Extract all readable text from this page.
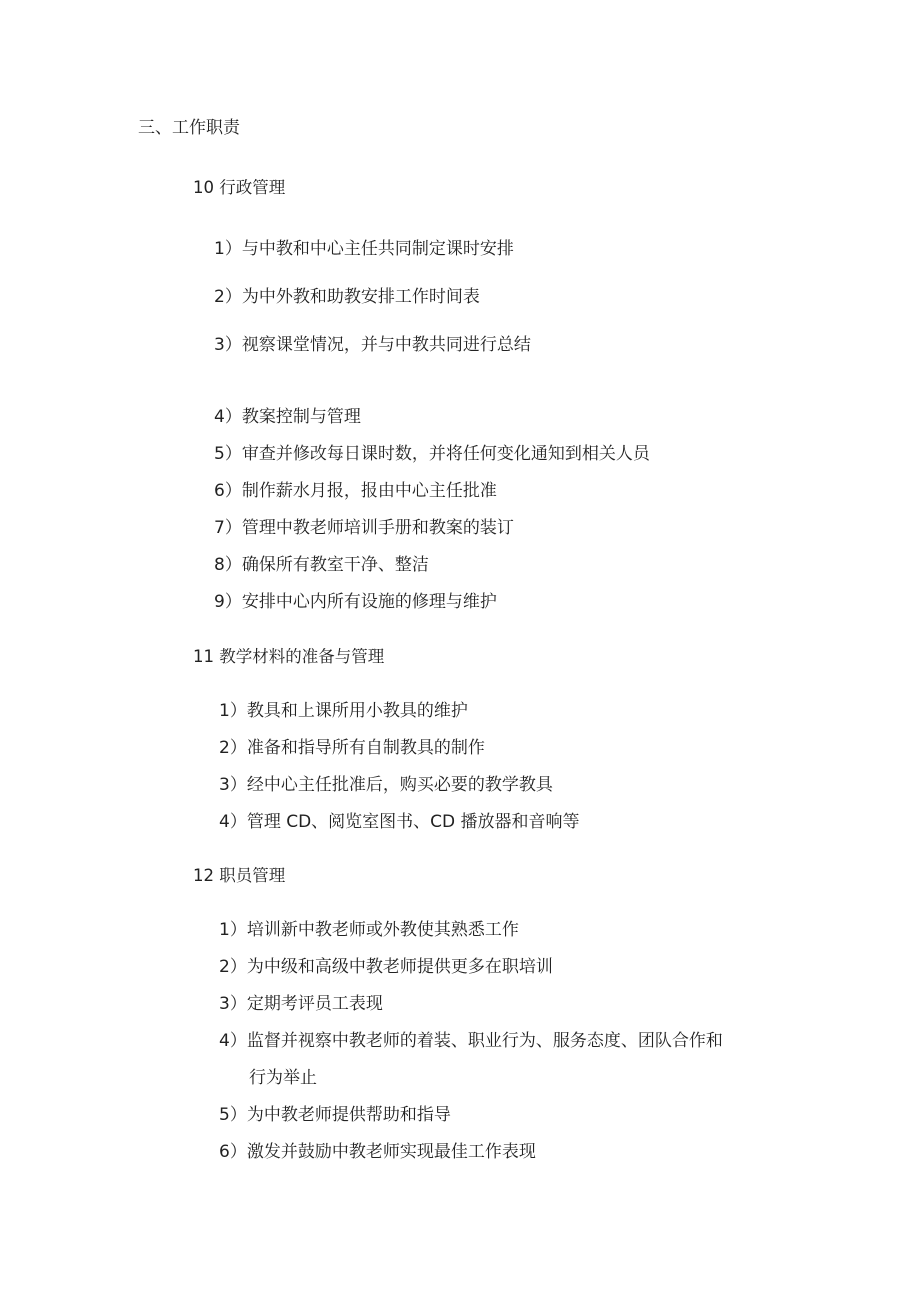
三、工作职责

10 行政管理

1）与中教和中心主任共同制定课时安排

2）为中外教和助教安排工作时间表

3）视察课堂情况，并与中教共同进行总结

4）教案控制与管理

5）审查并修改每日课时数，并将任何变化通知到相关人员

6）制作薪水月报，报由中心主任批准

7）管理中教老师培训手册和教案的装订

8）确保所有教室干净、整洁

9）安排中心内所有设施的修理与维护

11 教学材料的准备与管理

1）教具和上课所用小教具的维护

2）准备和指导所有自制教具的制作

3）经中心主任批准后，购买必要的教学教具

4）管理 CD、阅览室图书、CD 播放器和音响等

12 职员管理

1）培训新中教老师或外教使其熟悉工作

2）为中级和高级中教老师提供更多在职培训

3）定期考评员工表现

4）监督并视察中教老师的着装、职业行为、服务态度、团队合作和

行为举止

5）为中教老师提供帮助和指导

6）激发并鼓励中教老师实现最佳工作表现
